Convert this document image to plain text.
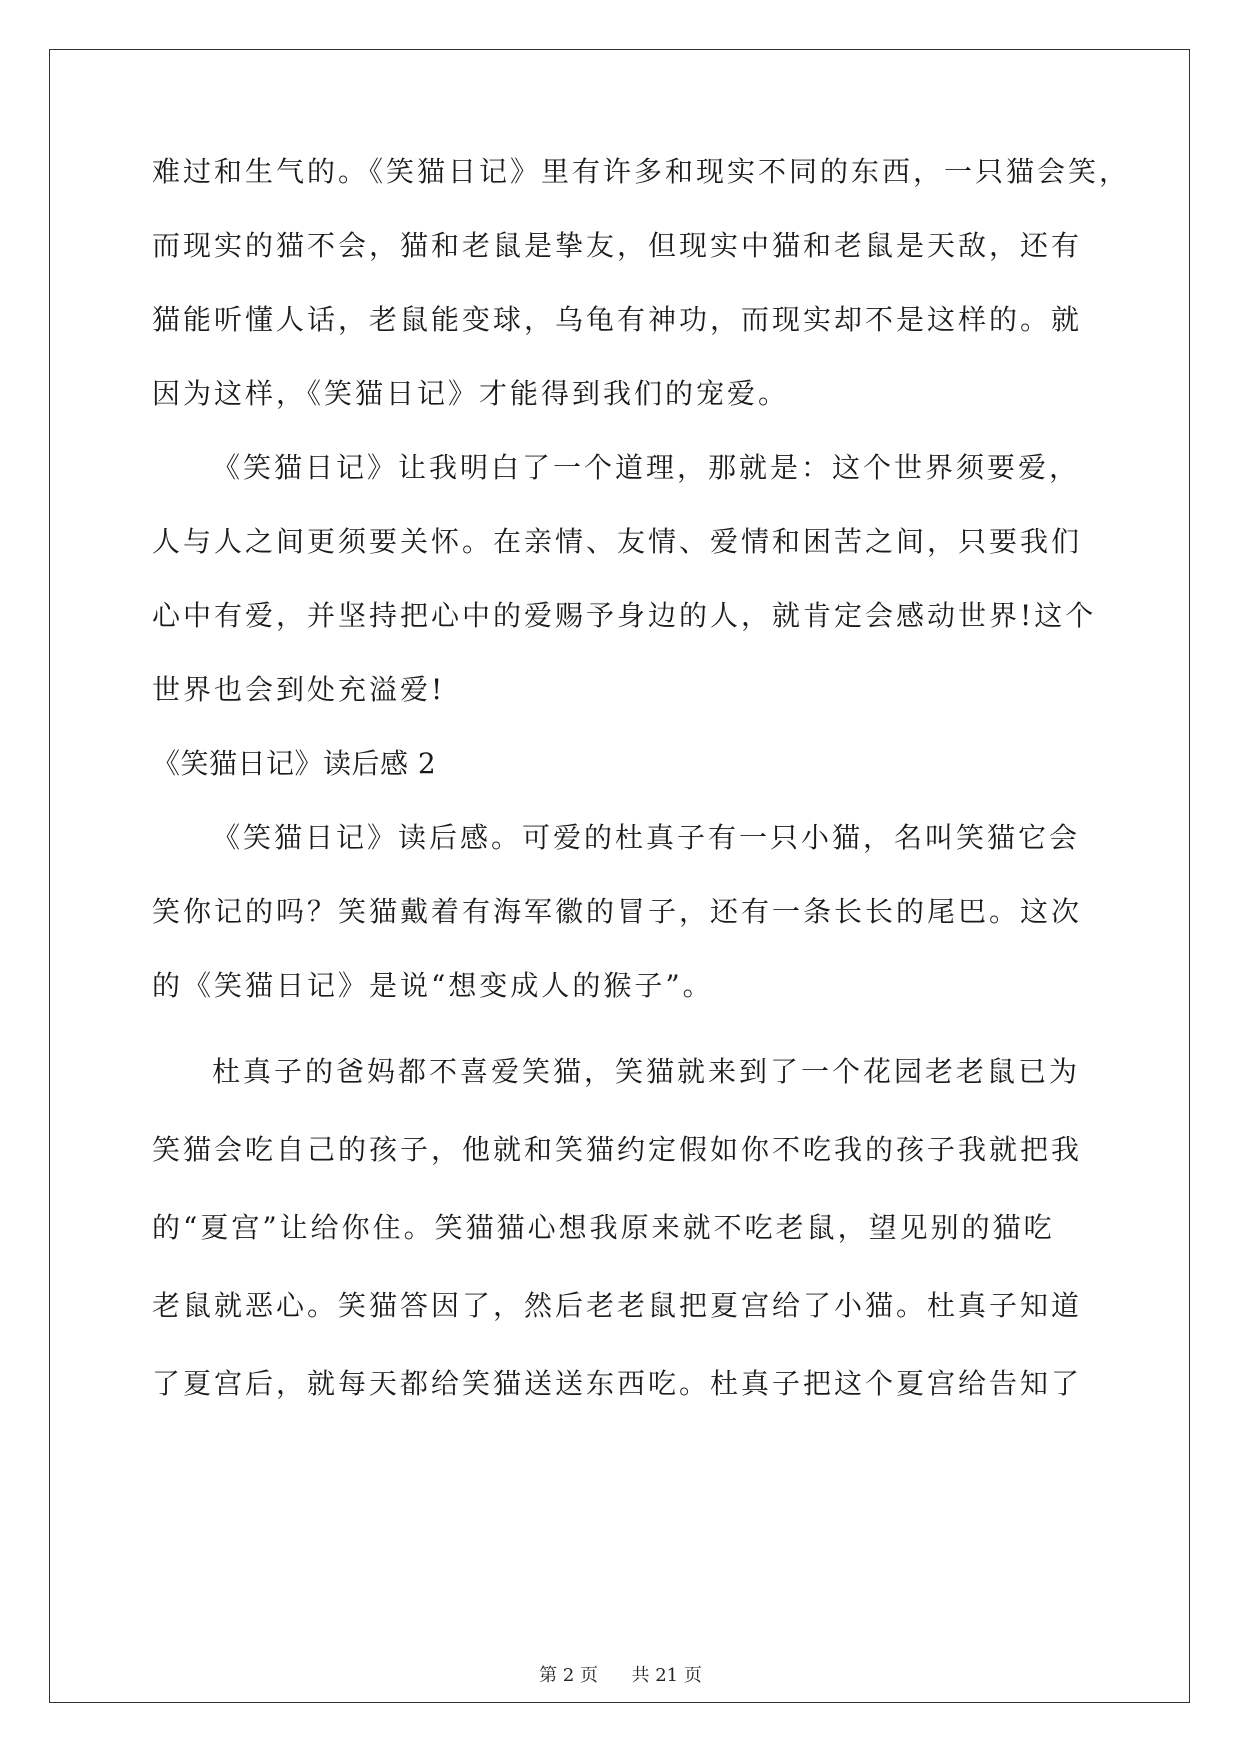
难过和生气的。《笑猫日记》里有许多和现实不同的东西，一只猫会笑，
而现实的猫不会，猫和老鼠是挚友，但现实中猫和老鼠是天敌，还有
猫能听懂人话，老鼠能变球，乌龟有神功，而现实却不是这样的。就
因为这样，《笑猫日记》才能得到我们的宠爱。
《笑猫日记》让我明白了一个道理，那就是：这个世界须要爱，
人与人之间更须要关怀。在亲情、友情、爱情和困苦之间，只要我们
心中有爱，并坚持把心中的爱赐予身边的人，就肯定会感动世界!这个
世界也会到处充溢爱!
《笑猫日记》读后感 2
《笑猫日记》读后感。可爱的杜真子有一只小猫，名叫笑猫它会
笑你记的吗？笑猫戴着有海军徽的冒子，还有一条长长的尾巴。这次
的《笑猫日记》是说“想变成人的猴子”。
杜真子的爸妈都不喜爱笑猫，笑猫就来到了一个花园老老鼠已为
笑猫会吃自己的孩子，他就和笑猫约定假如你不吃我的孩子我就把我
的“夏宫”让给你住。笑猫猫心想我原来就不吃老鼠，望见别的猫吃
老鼠就恶心。笑猫答因了，然后老老鼠把夏宫给了小猫。杜真子知道
了夏宫后，就每天都给笑猫送送东西吃。杜真子把这个夏宫给告知了
第 2 页 共 21 页
